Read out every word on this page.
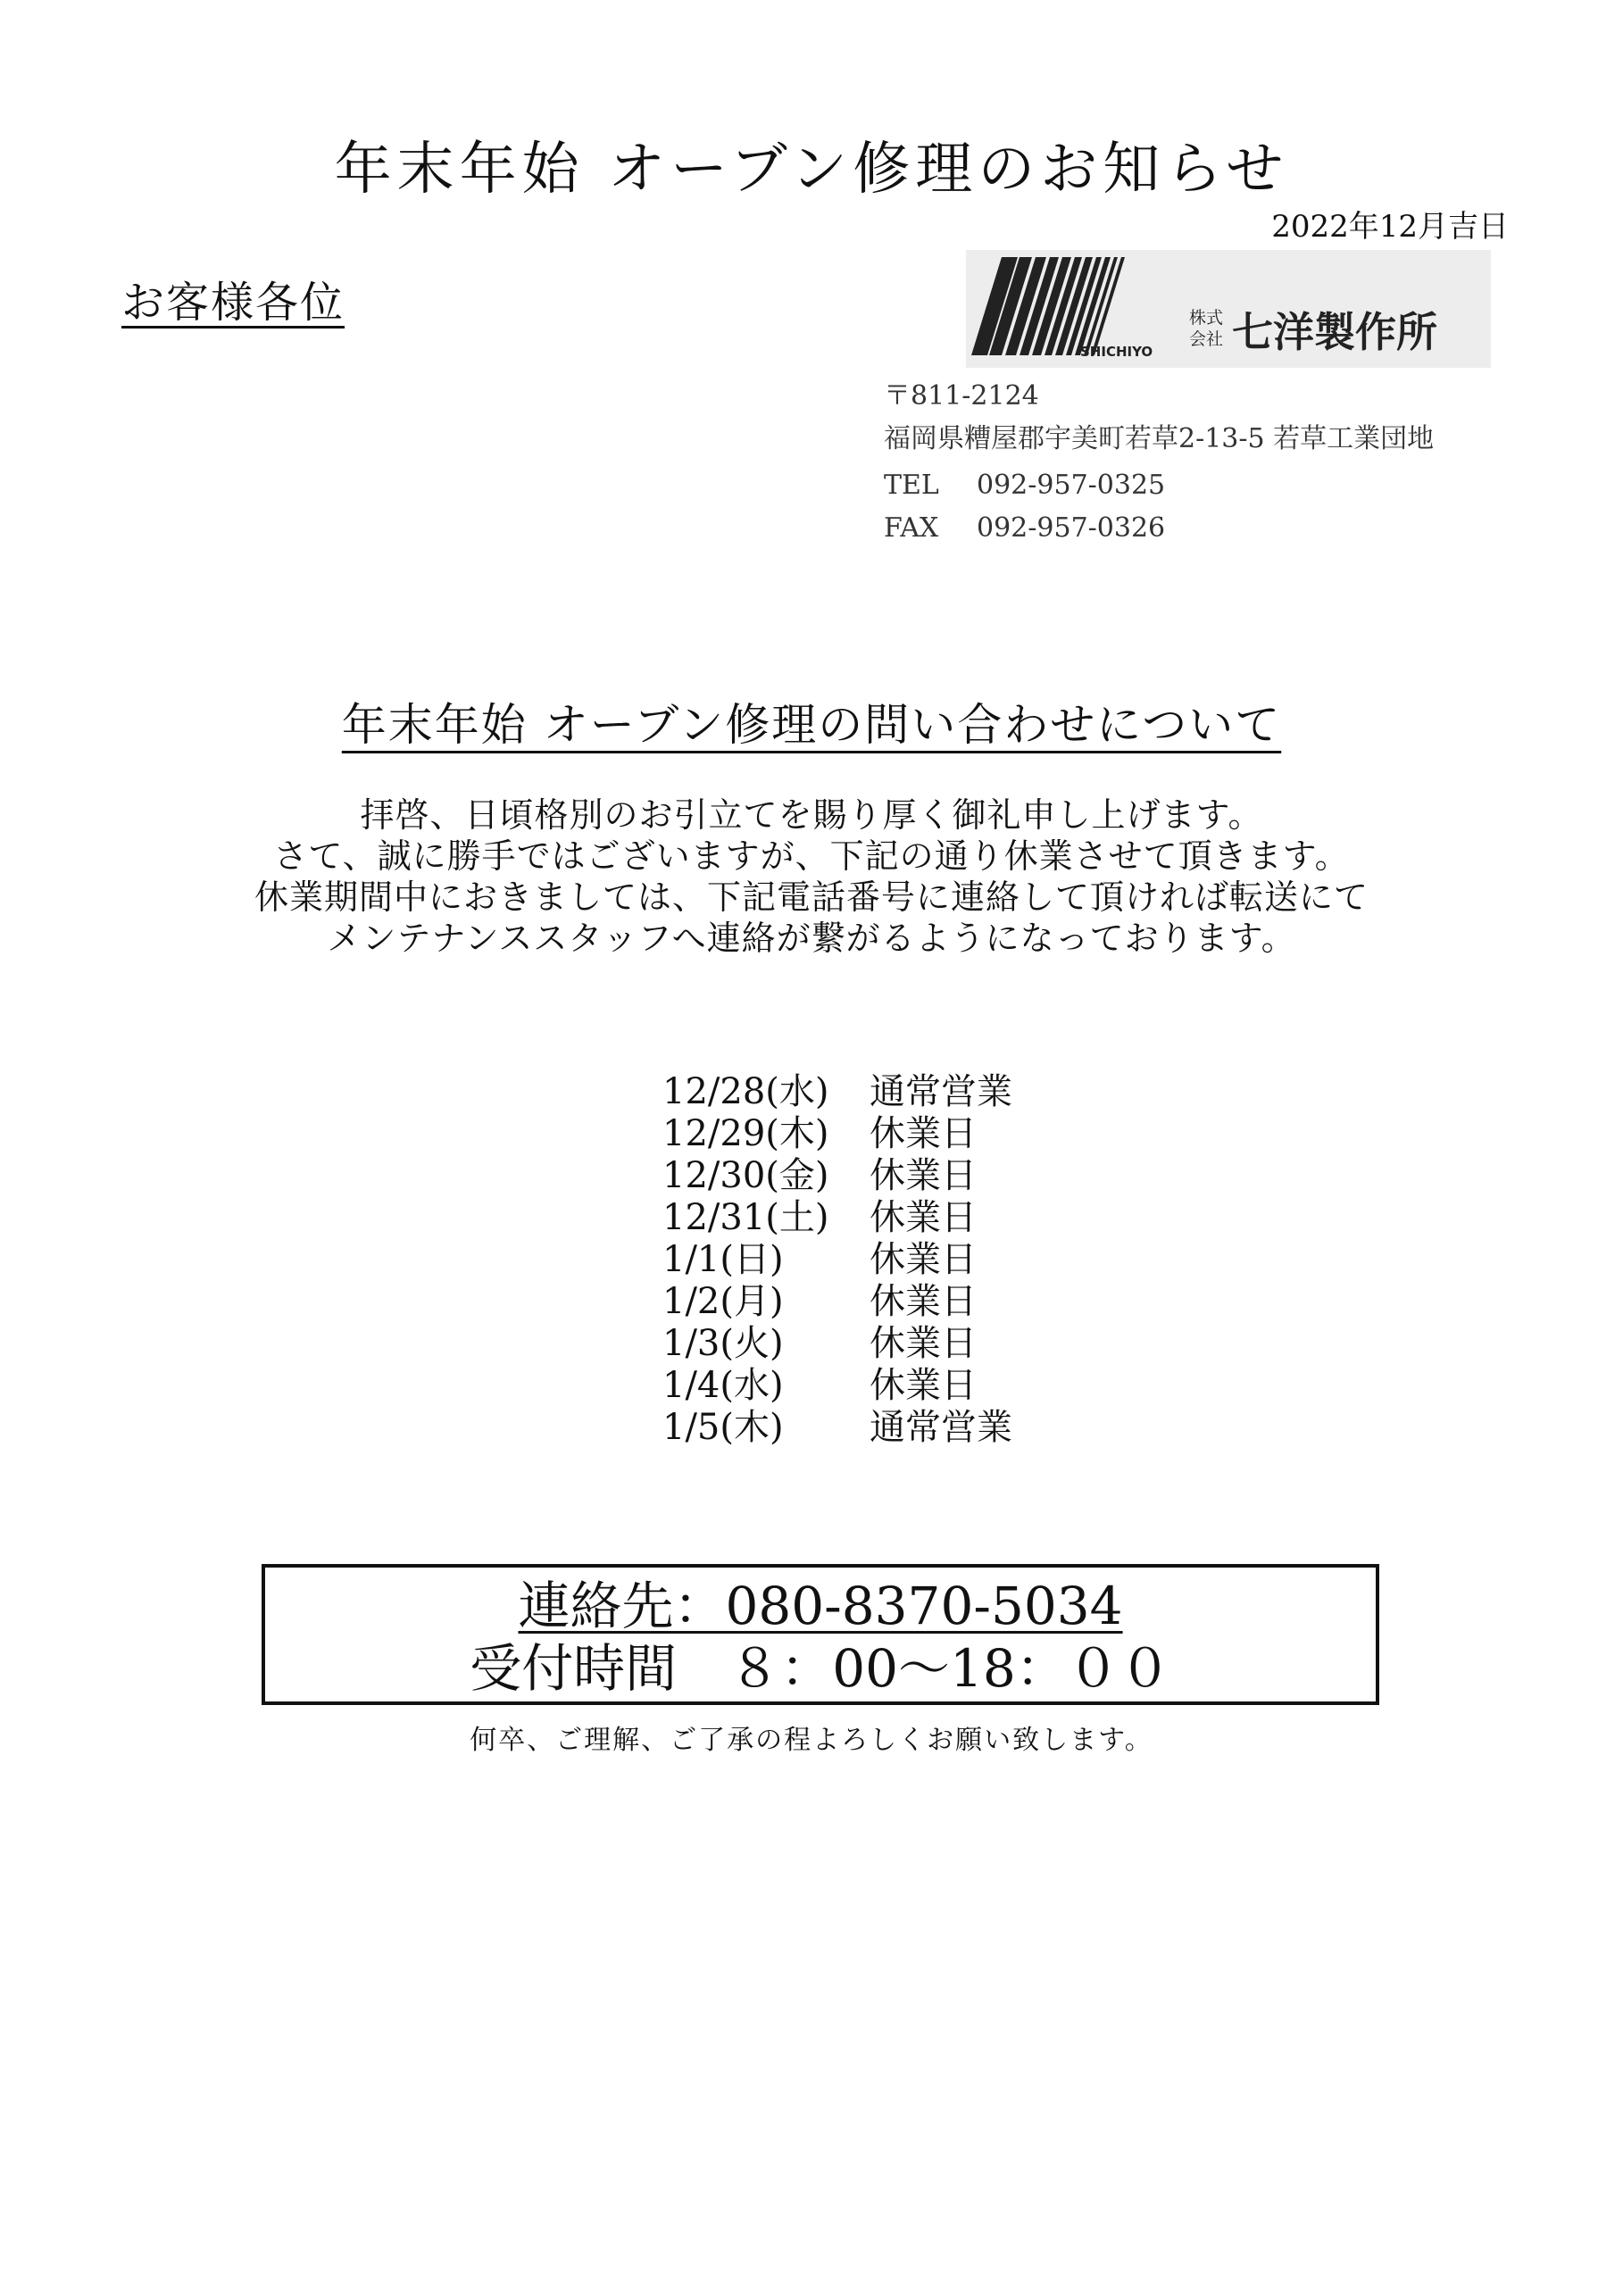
年末年始 オーブン修理のお知らせ
2022年12月吉日
お客様各位
SHICHIYO
株式
会社 七洋製作所
〒811-2124
福岡県糟屋郡宇美町若草2-13-5 若草工業団地
TEL 092-957-0325
FAX 092-957-0326
年末年始 オーブン修理の問い合わせについて
拝啓、日頃格別のお引立てを賜り厚く御礼申し上げます。
さて、誠に勝手ではございますが、下記の通り休業させて頂きます。
休業期間中におきましては、下記電話番号に連絡して頂ければ転送にて
メンテナンススタッフへ連絡が繋がるようになっております。
12/28(水) 通常営業
12/29(木) 休業日
12/30(金) 休業日
12/31(土) 休業日
1/1(日) 休業日
1/2(月) 休業日
1/3(火) 休業日
1/4(水) 休業日
1/5(木) 通常営業
連絡先：080-8370-5034
受付時間　８：00～18：００
何卒、ご理解、ご了承の程よろしくお願い致します。
